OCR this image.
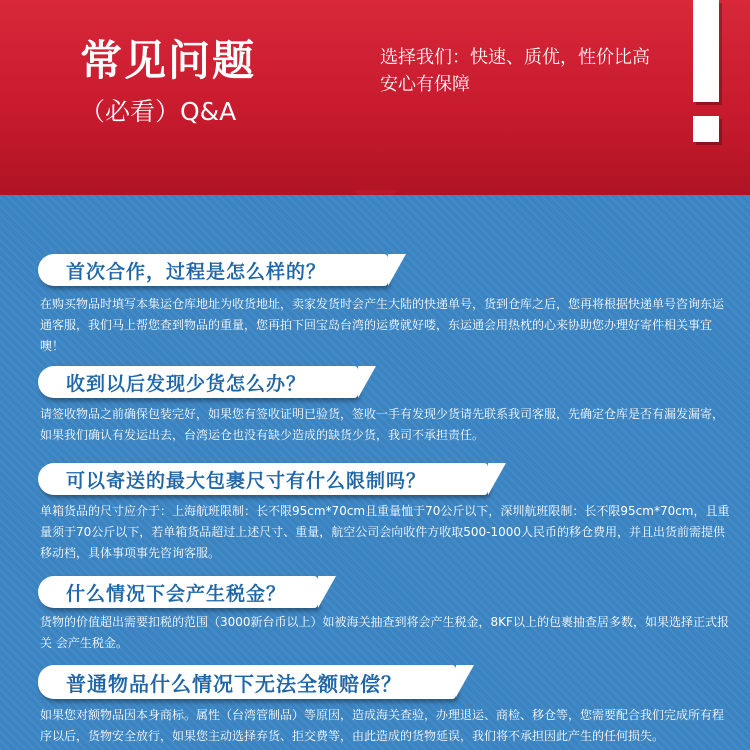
常见问题
（必看）Q&A
选择我们：快速、质优，性价比高
安心有保障
首次合作，过程是怎么样的？
在购买物品时填写本集运仓库地址为收货地址，卖家发货时会产生大陆的快递单号，货到仓库之后，您再将根据快递单号咨询东运通客服，我们马上帮您查到物品的重量，您再拍下回宝岛台湾的运费就好喽，东运通会用热枕的心来协助您办理好寄件相关事宜噢！
收到以后发现少货怎么办？
请签收物品之前确保包装完好，如果您有签收证明已验货，签收一手有发现少货请先联系我司客服，先确定仓库是否有漏发漏寄，如果我们确认有发运出去，台湾运仓也没有缺少造成的缺货少货，我司不承担责任。
可以寄送的最大包裹尺寸有什么限制吗？
单箱货品的尺寸应介于：上海航班限制：长不限95cm*70cm且重量恤于70公斤以下，深圳航班限制：长不限95cm*70cm，且重量须于70公斤以下，若单箱货品超过上述尺寸、重量，航空公司会向收件方收取500-1000人民币的移仓费用，并且出货前需提供移动档，具体事项事先咨询客服。
什么情况下会产生税金？
货物的价值超出需要扣税的范围（3000新台币以上）如被海关抽查到将会产生税金，8KF以上的包裹抽查居多数，如果选择正式报关 会产生税金。
普通物品什么情况下无法全额赔偿？
如果您对额物品因本身商标。属性（台湾管制品）等原因，造成海关查验，办理退运、商检、移仓等，您需要配合我们完成所有程序以后，货物安全放行，如果您主动选择弃货、拒交费等，由此造成的货物延误，我们将不承担因此产生的任何损失。
